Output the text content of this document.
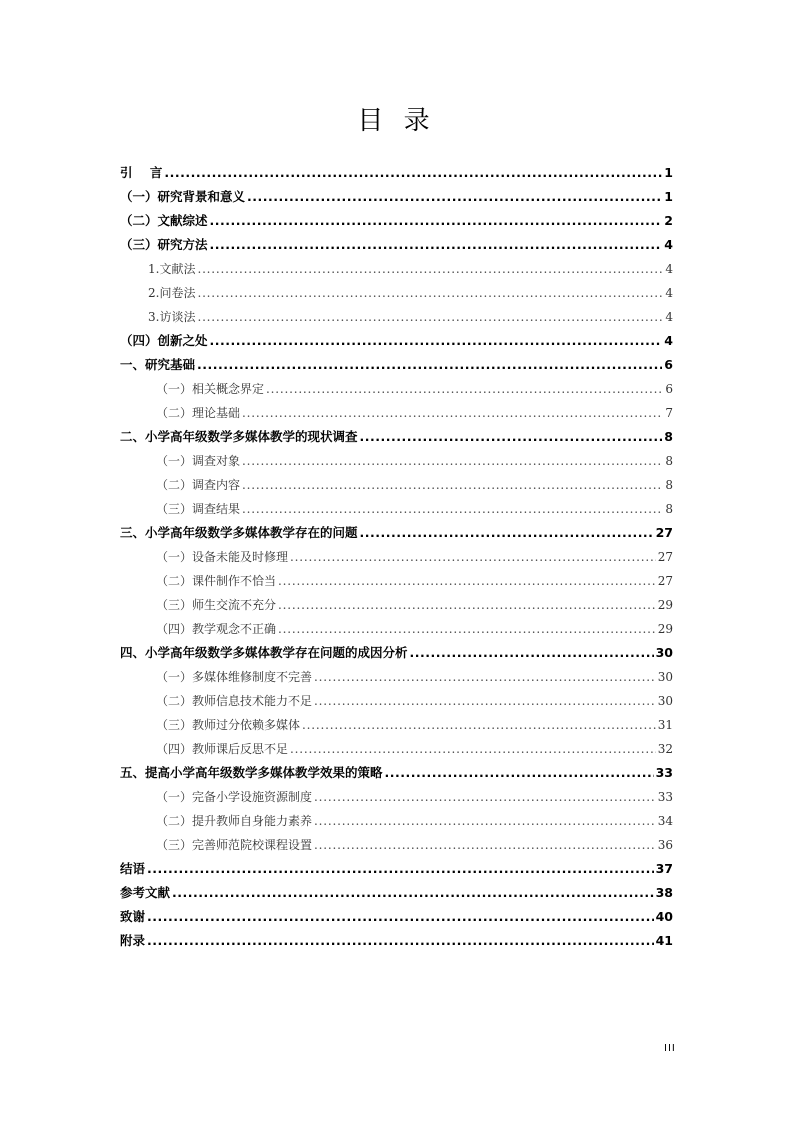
目 录
引    言 .....	1
（一）研究背景和意义 .....	1
（二）文献综述 .....	2
（三）研究方法 .....	4
1.文献法 .....	4
2.问卷法 .....	4
3.访谈法 .....	4
（四）创新之处 .....	4
一、研究基础 .....	6
（一）相关概念界定 .....	6
（二）理论基础 .....	7
二、小学高年级数学多媒体教学的现状调查 .....	8
（一）调查对象 .....	8
（二）调查内容 .....	8
（三）调查结果 .....	8
三、小学高年级数学多媒体教学存在的问题 .....	27
（一）设备未能及时修理 .....	27
（二）课件制作不恰当 .....	27
（三）师生交流不充分 .....	29
（四）教学观念不正确 .....	29
四、小学高年级数学多媒体教学存在问题的成因分析 .....	30
（一）多媒体维修制度不完善 .....	30
（二）教师信息技术能力不足 .....	30
（三）教师过分依赖多媒体 .....	31
（四）教师课后反思不足 .....	32
五、提高小学高年级数学多媒体教学效果的策略 .....	33
（一）完备小学设施资源制度 .....	33
（二）提升教师自身能力素养 .....	34
（三）完善师范院校课程设置 .....	36
结语 .....	37
参考文献 .....	38
致谢 .....	40
附录 .....	41
III
